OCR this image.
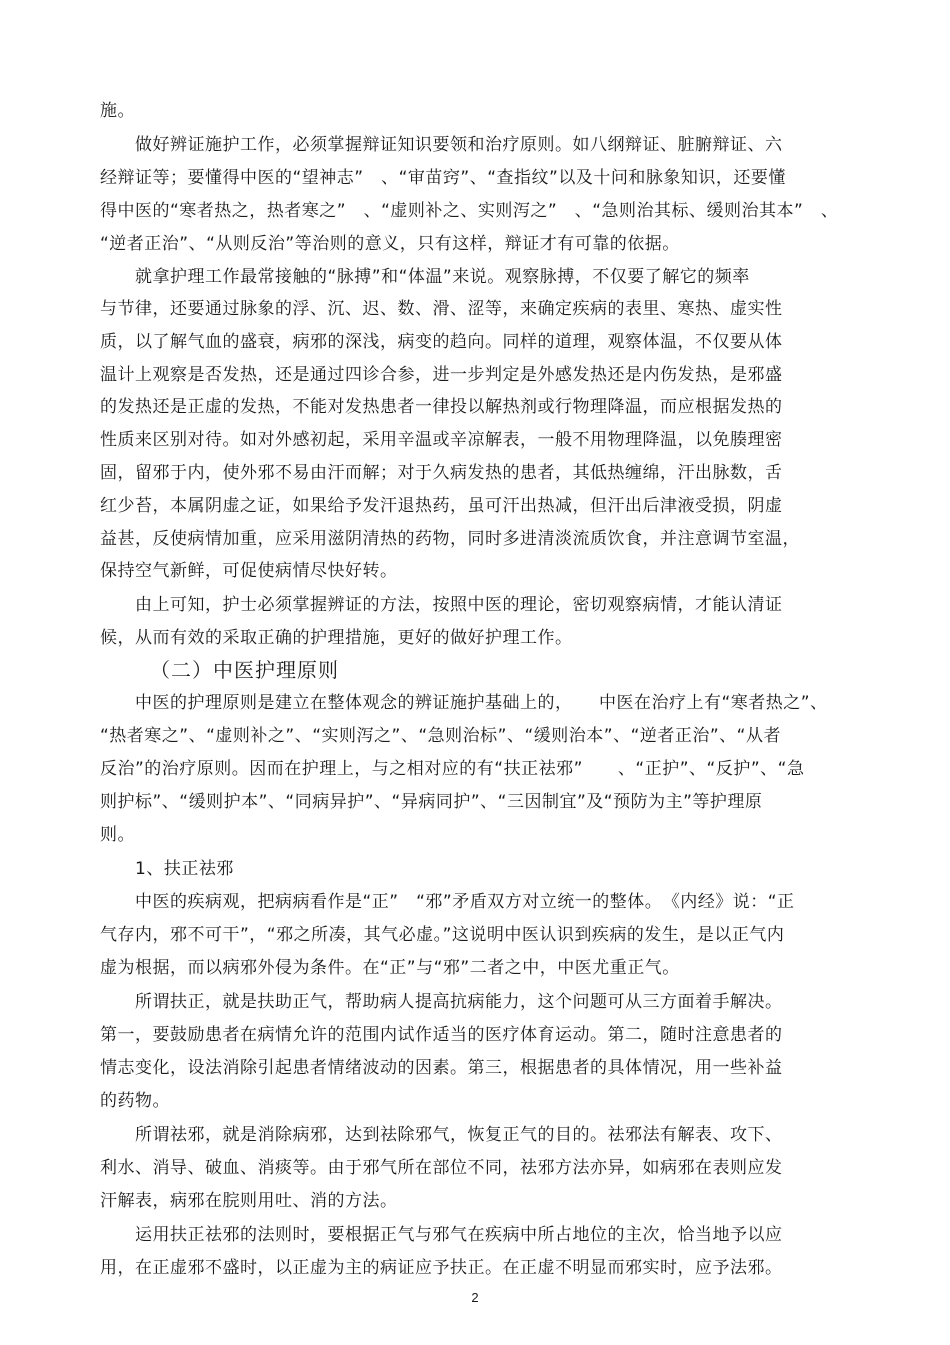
施。
做好辨证施护工作，必须掌握辩证知识要领和治疗原则。如八纲辩证、脏腑辩证、六
经辩证等；要懂得中医的“望神志”　、“审苗窍”、“查指纹”以及十问和脉象知识，还要懂
得中医的“寒者热之，热者寒之”　、“虚则补之、实则泻之”　、“急则治其标、缓则治其本”　、
“逆者正治”、“从则反治”等治则的意义，只有这样，辩证才有可靠的依据。
就拿护理工作最常接触的“脉搏”和“体温”来说。观察脉搏，不仅要了解它的频率
与节律，还要通过脉象的浮、沉、迟、数、滑、涩等，来确定疾病的表里、寒热、虚实性
质，以了解气血的盛衰，病邪的深浅，病变的趋向。同样的道理，观察体温，不仅要从体
温计上观察是否发热，还是通过四诊合参，进一步判定是外感发热还是内伤发热，是邪盛
的发热还是正虚的发热，不能对发热患者一律投以解热剂或行物理降温，而应根据发热的
性质来区别对待。如对外感初起，采用辛温或辛凉解表，一般不用物理降温，以免腠理密
固，留邪于内，使外邪不易由汗而解；对于久病发热的患者，其低热缠绵，汗出脉数，舌
红少苔，本属阴虚之证，如果给予发汗退热药，虽可汗出热减，但汗出后津液受损，阴虚
益甚，反使病情加重，应采用滋阴清热的药物，同时多进清淡流质饮食，并注意调节室温，
保持空气新鲜，可促使病情尽快好转。
由上可知，护士必须掌握辨证的方法，按照中医的理论，密切观察病情，才能认清证
候，从而有效的采取正确的护理措施，更好的做好护理工作。
（二）中医护理原则
中医的护理原则是建立在整体观念的辨证施护基础上的，　　中医在治疗上有“寒者热之”、
“热者寒之”、“虚则补之”、“实则泻之”、“急则治标”、“缓则治本”、“逆者正治”、“从者
反治”的治疗原则。因而在护理上，与之相对应的有“扶正祛邪”　　、“正护”、“反护”、“急
则护标”、“缓则护本”、“同病异护”、“异病同护”、“三因制宜”及“预防为主”等护理原
则。
1、扶正祛邪
中医的疾病观，把病病看作是“正”　“邪”矛盾双方对立统一的整体。　《内经》说：“正
气存内，邪不可干”，“邪之所凑，其气必虚。”这说明中医认识到疾病的发生，是以正气内
虚为根据，而以病邪外侵为条件。在“正”与“邪”二者之中，中医尤重正气。
所谓扶正，就是扶助正气，帮助病人提高抗病能力，这个问题可从三方面着手解决。
第一，要鼓励患者在病情允许的范围内试作适当的医疗体育运动。第二，随时注意患者的
情志变化，设法消除引起患者情绪波动的因素。第三，根据患者的具体情况，用一些补益
的药物。
所谓祛邪，就是消除病邪，达到祛除邪气，恢复正气的目的。祛邪法有解表、攻下、
利水、消导、破血、消痰等。由于邪气所在部位不同，祛邪方法亦异，如病邪在表则应发
汗解表，病邪在脘则用吐、消的方法。
运用扶正祛邪的法则时，要根据正气与邪气在疾病中所占地位的主次，恰当地予以应
用，在正虚邪不盛时，以正虚为主的病证应予扶正。在正虚不明显而邪实时，应予法邪。
2
